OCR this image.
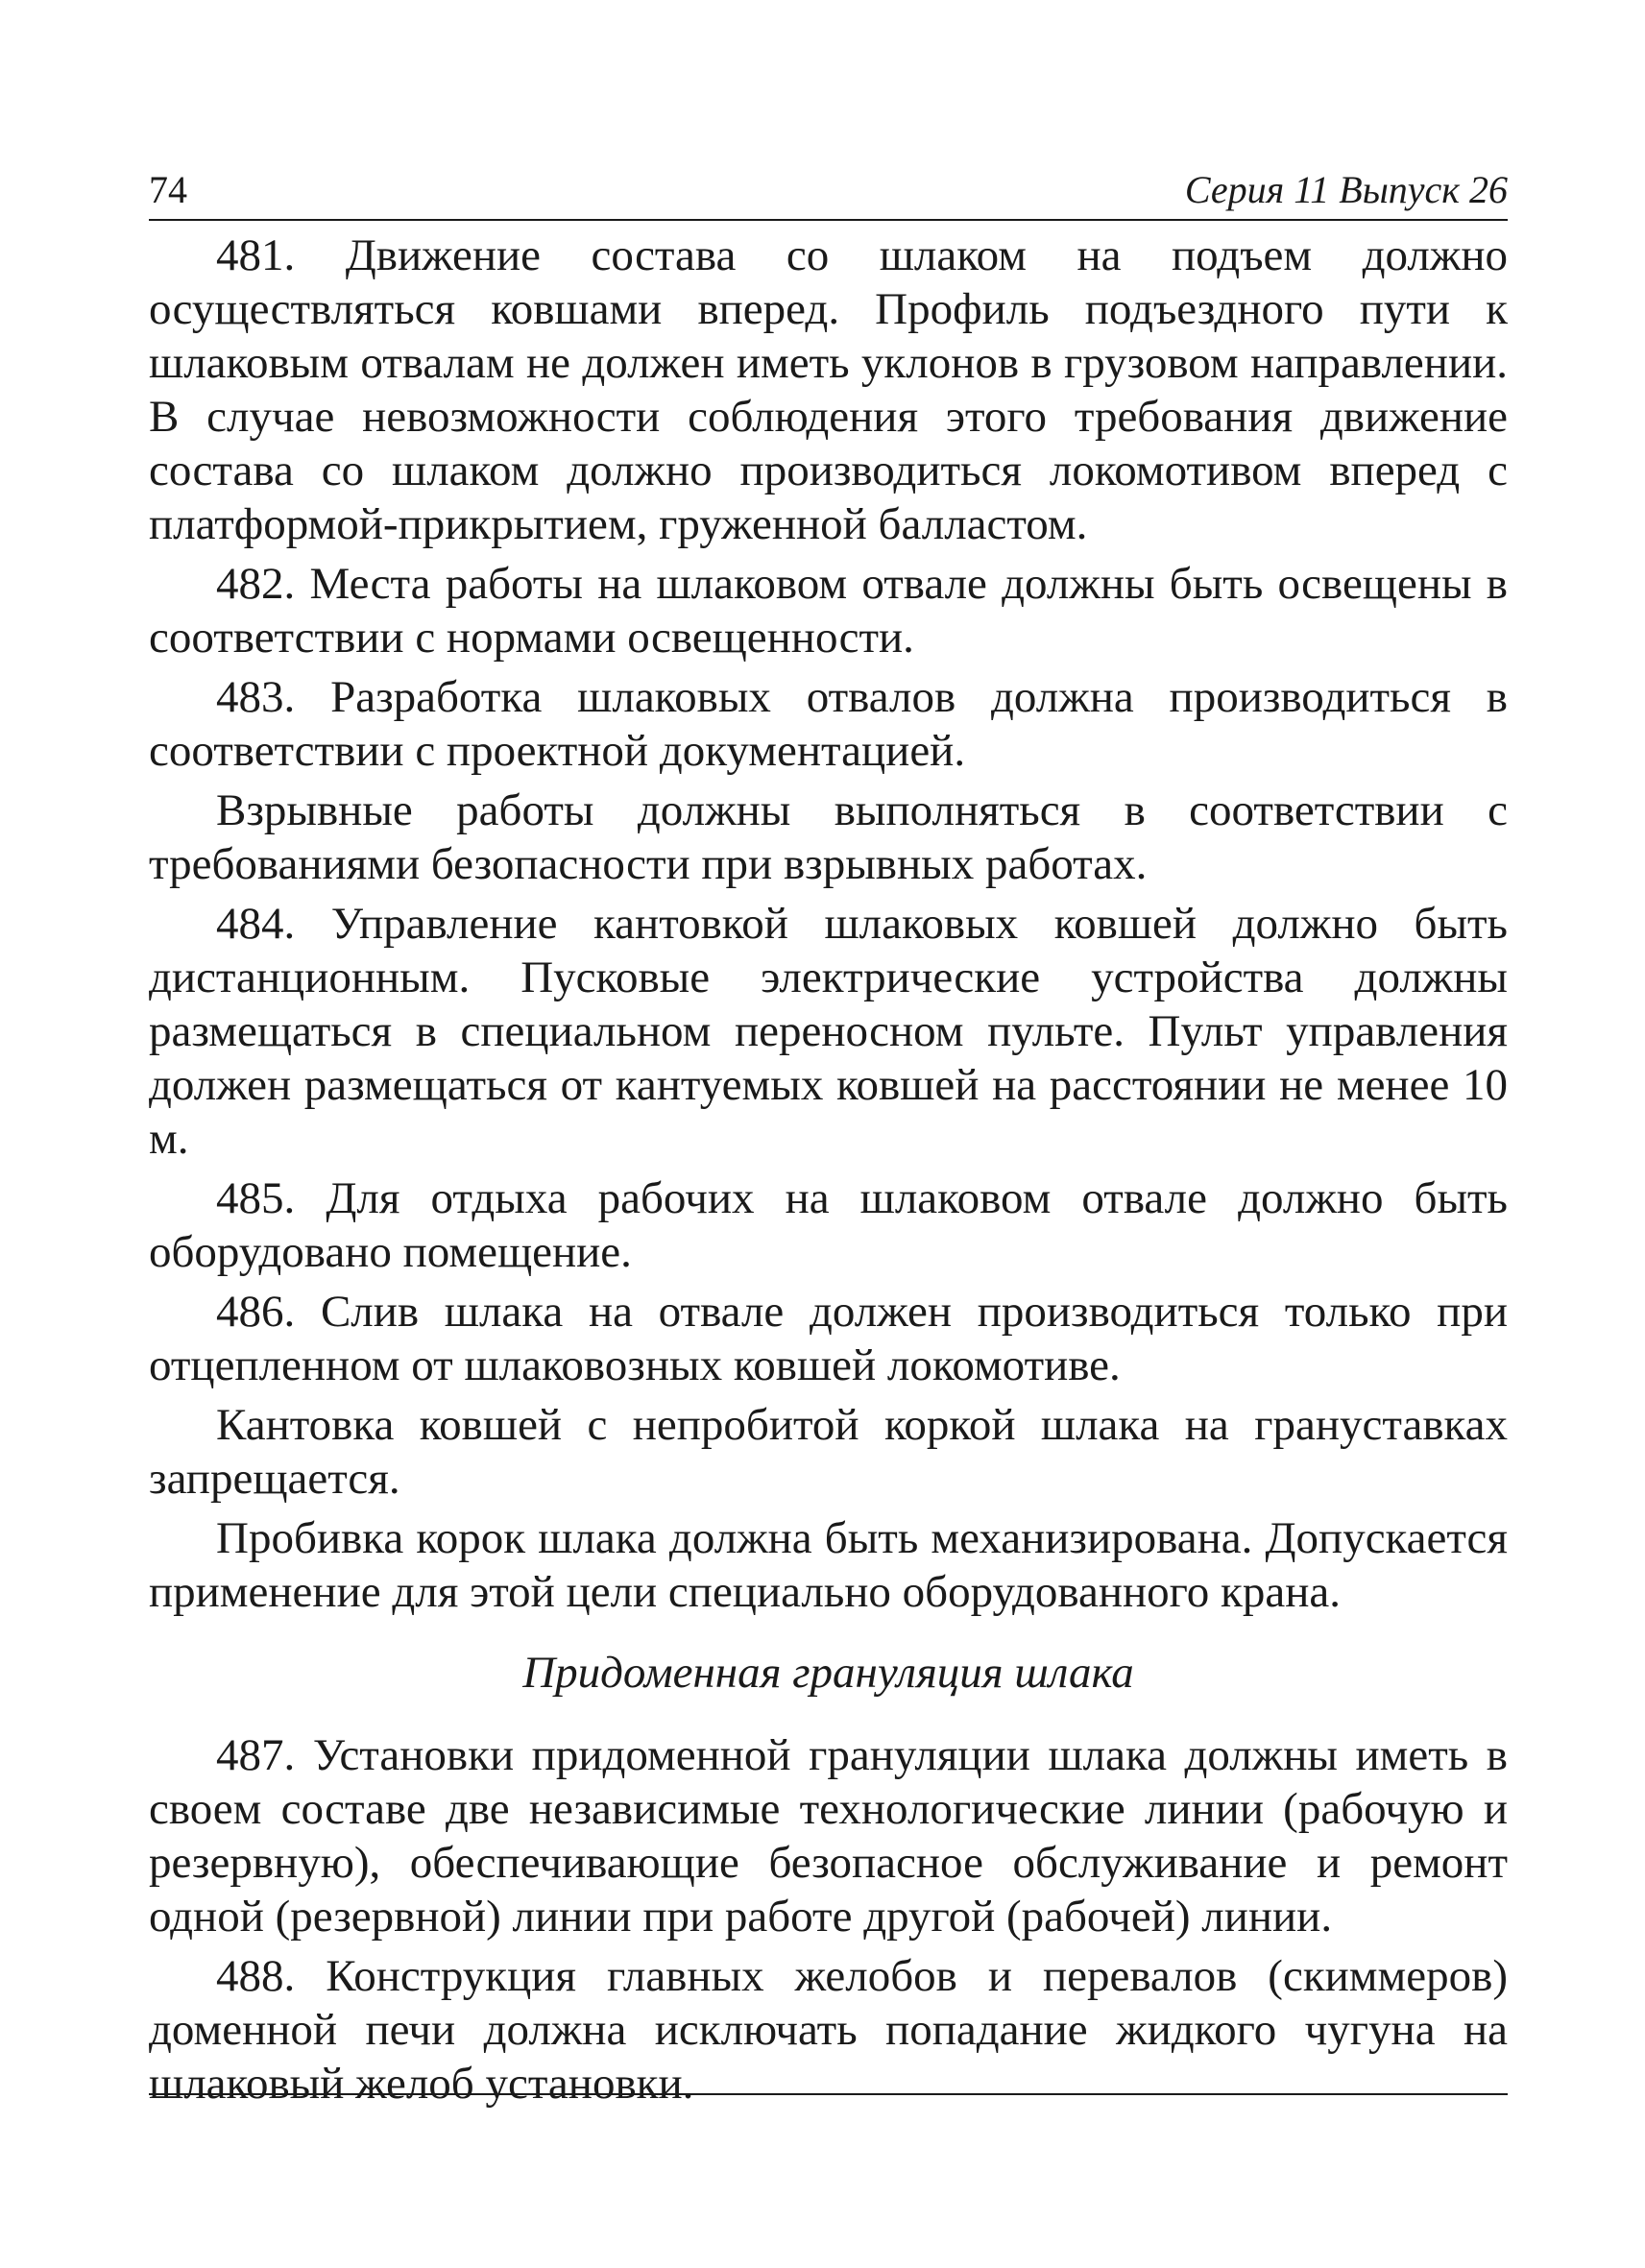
74	Серия 11 Выпуск 26

481. Движение состава со шлаком на подъем должно осуществляться ковшами вперед. Профиль подъездного пути к шлаковым отвалам не должен иметь уклонов в грузовом направлении. В случае невозможности соблюдения этого требования движение состава со шлаком должно производиться локомотивом вперед с платформой-прикрытием, груженной балластом.

482. Места работы на шлаковом отвале должны быть освещены в соответствии с нормами освещенности.

483. Разработка шлаковых отвалов должна производиться в соответствии с проектной документацией.

Взрывные работы должны выполняться в соответствии с требованиями безопасности при взрывных работах.

484. Управление кантовкой шлаковых ковшей должно быть дистанционным. Пусковые электрические устройства должны размещаться в специальном переносном пульте. Пульт управления должен размещаться от кантуемых ковшей на расстоянии не менее 10 м.

485. Для отдыха рабочих на шлаковом отвале должно быть оборудовано помещение.

486. Слив шлака на отвале должен производиться только при отцепленном от шлаковозных ковшей локомотиве.

Кантовка ковшей с непробитой коркой шлака на грануставках запрещается.

Пробивка корок шлака должна быть механизирована. Допускается применение для этой цели специально оборудованного крана.

Придоменная грануляция шлака

487. Установки придоменной грануляции шлака должны иметь в своем составе две независимые технологические линии (рабочую и резервную), обеспечивающие безопасное обслуживание и ремонт одной (резервной) линии при работе другой (рабочей) линии.

488. Конструкция главных желобов и перевалов (скиммеров) доменной печи должна исключать попадание жидкого чугуна на шлаковый желоб установки.
